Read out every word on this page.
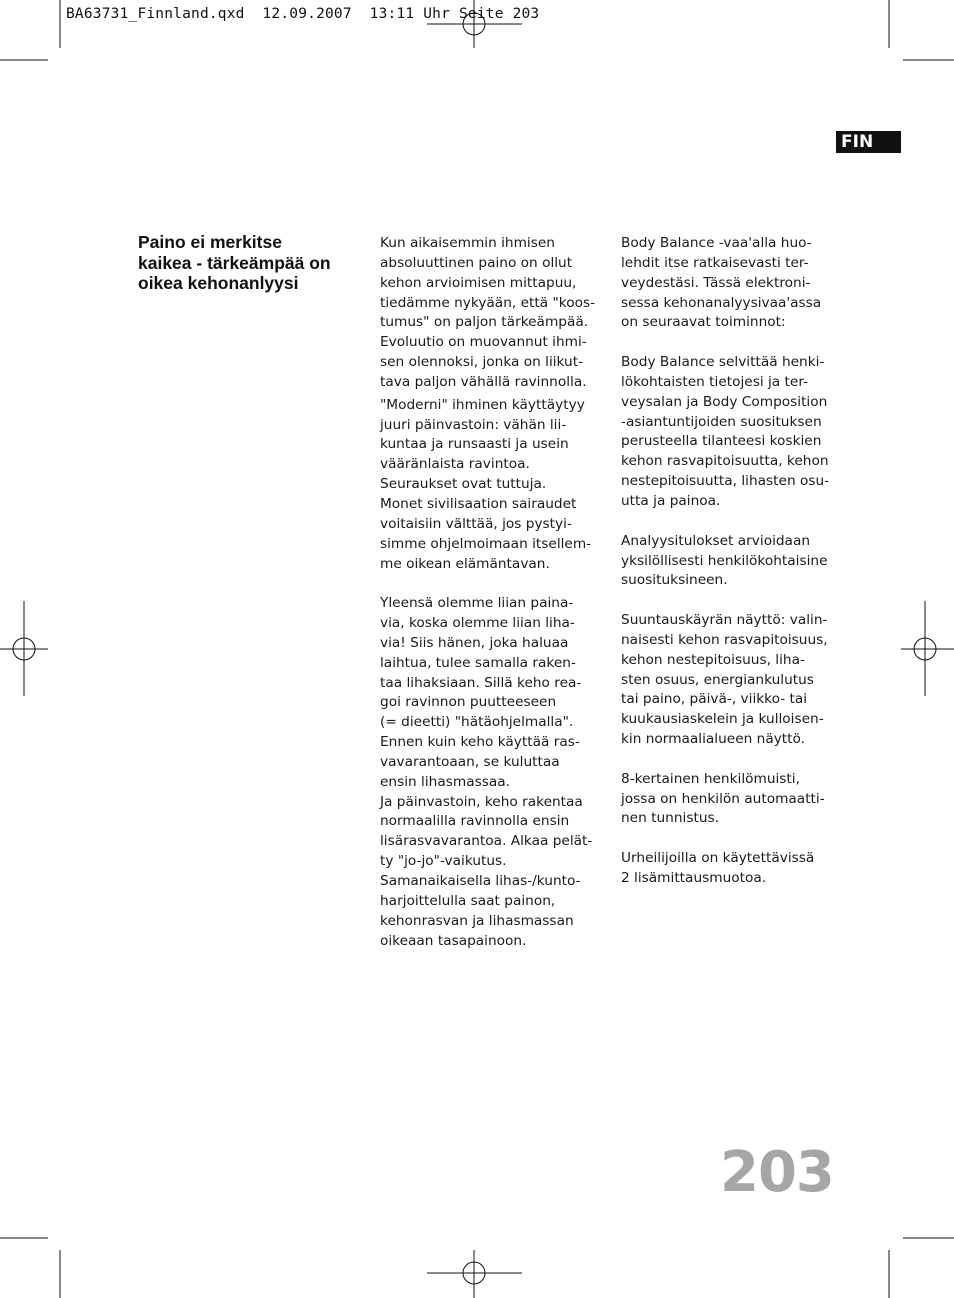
BA63731_Finnland.qxd 12.09.2007 13:11 Uhr Seite 203
FIN
Paino ei merkitse
kaikea - tärkeämpää on
oikea kehonanlyysi
Kun aikaisemmin ihmisen
absoluuttinen paino on ollut
kehon arvioimisen mittapuu,
tiedämme nykyään, että "koos-
tumus" on paljon tärkeämpää.
Evoluutio on muovannut ihmi-
sen olennoksi, jonka on liikut-
tava paljon vähällä ravinnolla.
"Moderni" ihminen käyttäytyy
juuri päinvastoin: vähän lii-
kuntaa ja runsaasti ja usein
vääränlaista ravintoa.
Seuraukset ovat tuttuja.
Monet sivilisaation sairaudet
voitaisiin välttää, jos pystyi-
simme ohjelmoimaan itsellem-
me oikean elämäntavan.
Yleensä olemme liian paina-
via, koska olemme liian liha-
via! Siis hänen, joka haluaa
laihtua, tulee samalla raken-
taa lihaksiaan. Sillä keho rea-
goi ravinnon puutteeseen
(= dieetti) "hätäohjelmalla".
Ennen kuin keho käyttää ras-
vavarantoaan, se kuluttaa
ensin lihasmassaa.
Ja päinvastoin, keho rakentaa
normaalilla ravinnolla ensin
lisärasvavarantoa. Alkaa pelät-
ty "jo-jo"-vaikutus.
Samanaikaisella lihas-/kunto-
harjoittelulla saat painon,
kehonrasvan ja lihasmassan
oikeaan tasapainoon.
Body Balance -vaa'alla huo-
lehdit itse ratkaisevasti ter-
veydestäsi. Tässä elektroni-
sessa kehonanalyysivaa'assa
on seuraavat toiminnot:
Body Balance selvittää henki-
lökohtaisten tietojesi ja ter-
veysalan ja Body Composition
-asiantuntijoiden suosituksen
perusteella tilanteesi koskien
kehon rasvapitoisuutta, kehon
nestepitoisuutta, lihasten osu-
utta ja painoa.
Analyysitulokset arvioidaan
yksilöllisesti henkilökohtaisine
suosituksineen.
Suuntauskäyrän näyttö: valin-
naisesti kehon rasvapitoisuus,
kehon nestepitoisuus, liha-
sten osuus, energiankulutus
tai paino, päivä-, viikko- tai
kuukausiaskelein ja kulloisen-
kin normaalialueen näyttö.
8-kertainen henkilömuisti,
jossa on henkilön automaatti-
nen tunnistus.
Urheilijoilla on käytettävissä
2 lisämittausmuotoa.
203
